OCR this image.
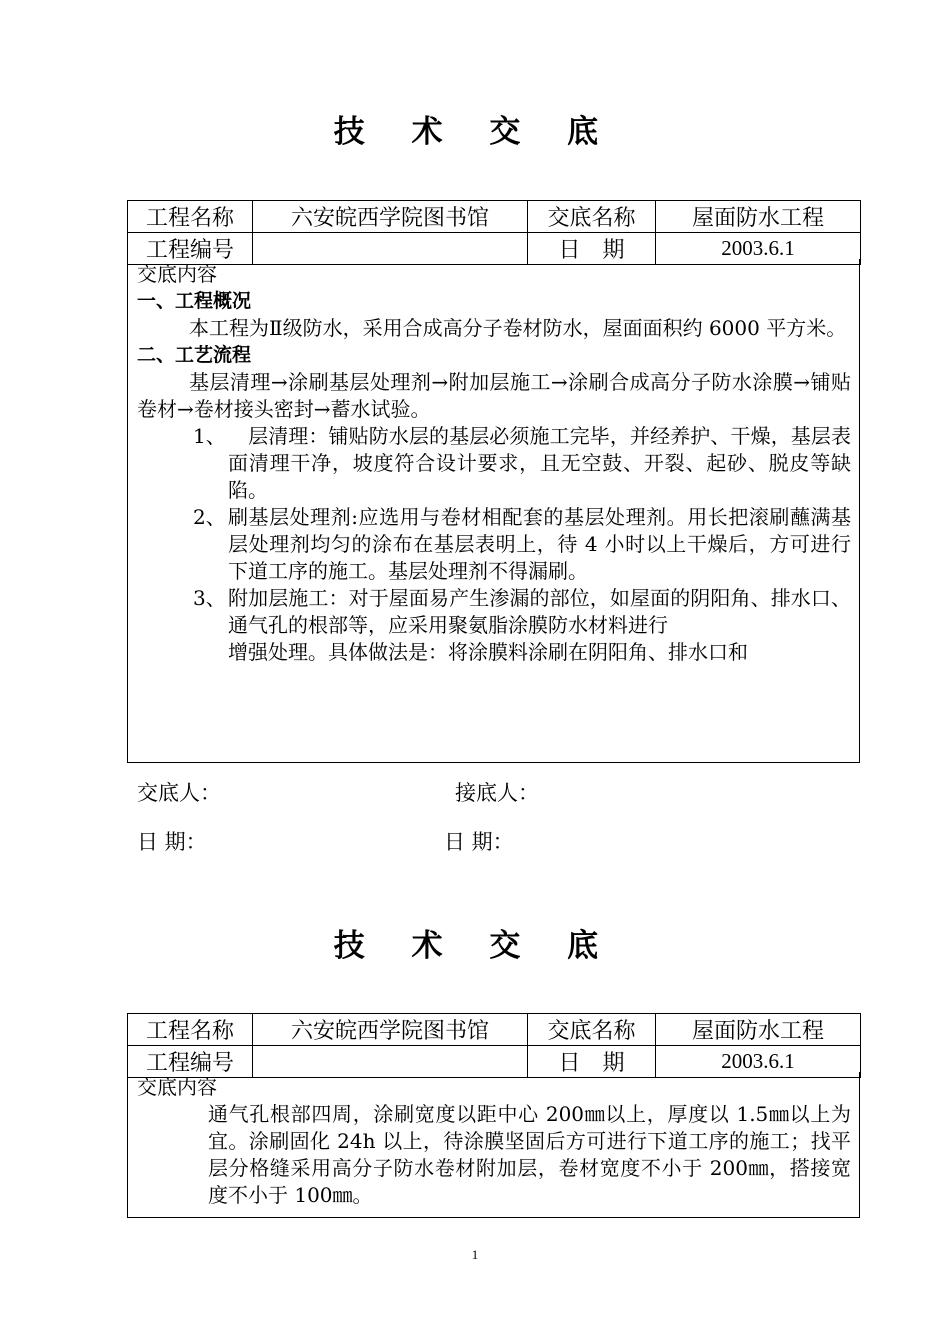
技 术 交 底
工程名称	六安皖西学院图书馆	交底名称	屋面防水工程
工程编号		日　期	2003.6.1

交底内容

一、工程概况

本工程为Ⅱ级防水，采用合成高分子卷材防水，屋面面积约 6000 平方米。

二、工艺流程

基层清理→涂刷基层处理剂→附加层施工→涂刷合成高分子防水涂膜→铺贴卷材→卷材接头密封→蓄水试验。

1、 　层清理：铺贴防水层的基层必须施工完毕，并经养护、干燥，基层表面清理干净，坡度符合设计要求，且无空鼓、开裂、起砂、脱皮等缺陷。
2、 刷基层处理剂:应选用与卷材相配套的基层处理剂。用长把滚刷蘸满基层处理剂均匀的涂布在基层表明上，待 4 小时以上干燥后，方可进行下道工序的施工。基层处理剂不得漏刷。
3、 附加层施工：对于屋面易产生渗漏的部位，如屋面的阴阳角、排水口、通气孔的根部等，应采用聚氨脂涂膜防水材料进行

增强处理。具体做法是：将涂膜料涂刷在阴阳角、排水口和

交底人：	接底人：
日 期：	日 期：
技 术 交 底
工程名称	六安皖西学院图书馆	交底名称	屋面防水工程
工程编号		日　期	2003.6.1

交底内容

通气孔根部四周，涂刷宽度以距中心 200㎜以上，厚度以 1.5㎜以上为宜。涂刷固化 24h 以上，待涂膜坚固后方可进行下道工序的施工；找平层分格缝采用高分子防水卷材附加层，卷材宽度不小于 200㎜，搭接宽度不小于 100㎜。

1
